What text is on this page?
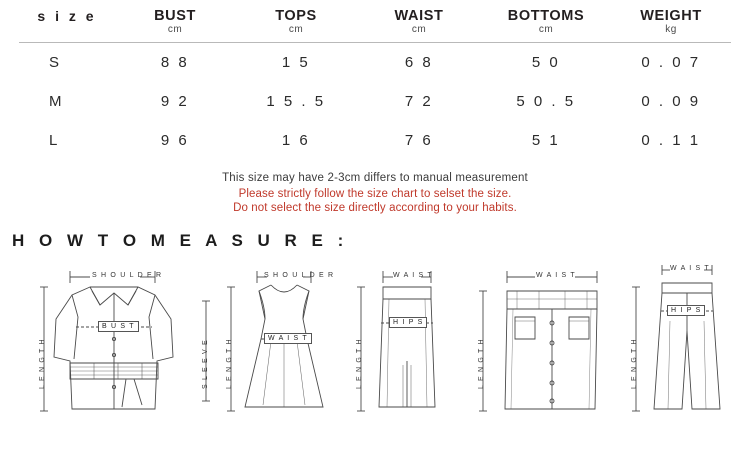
s i z e	BUST	TOPS	WAIST	BOTTOMS	WEIGHT
	cm	cm	cm	cm	kg

S	8 8	1 5	6 8	5 0	0 . 0 7
M	9 2	1 5 . 5	7 2	5 0 . 5	0 . 0 9
L	9 6	1 6	7 6	5 1	0 . 1 1
This size may have 2-3cm differs to manual measurement
Please strictly follow the size chart to selset the size.
Do not select the size directly according to your habits.
H O W T O M E A S U R E :
S H O U L D E R
L E N G T H
B U S T
S L E E V E
S H O U L D E R
L E N G T H	W A I S T
W A I S T
L E N G T H
H I P S
W A I S T
L E N G T H
W A I S T
L E N G T H
H I P S
